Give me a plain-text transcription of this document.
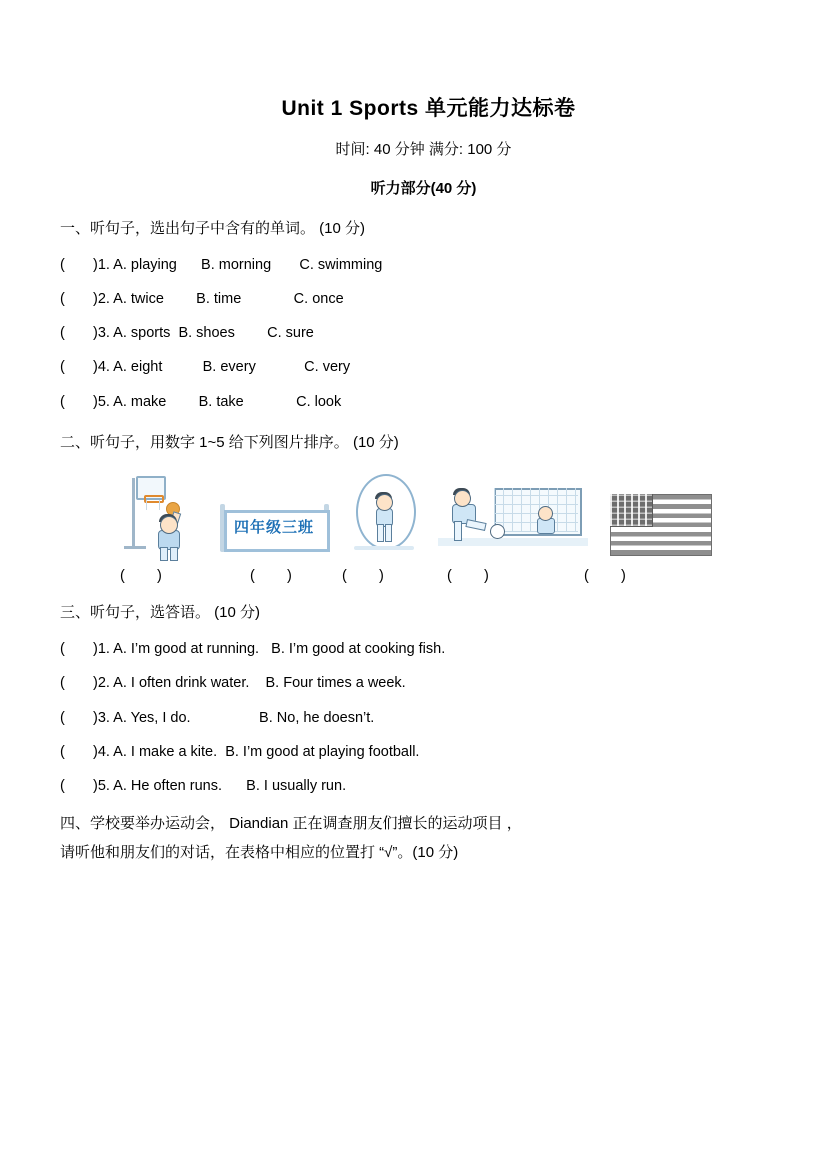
Unit 1 Sports 单元能力达标卷
时间: 40 分钟 满分: 100 分
听力部分(40 分)
一、听句子，选出句子中含有的单词。 (10 分)
(       )1. A. playing      B. morning       C. swimming
(       )2. A. twice        B. time             C. once
(       )3. A. sports  B. shoes        C. sure
(       )4. A. eight          B. every            C. very
(       )5. A. make        B. take             C. look
二、听句子，用数字 1~5 给下列图片排序。 (10 分)
四年级三班
(        )	(        )	(        )	(        )	(        )
三、听句子，选答语。 (10 分)
(       )1. A. I’m good at running.   B. I’m good at cooking fish.
(       )2. A. I often drink water.    B. Four times a week.
(       )3. A. Yes, I do.                 B. No, he doesn’t.
(       )4. A. I make a kite.  B. I’m good at playing football.
(       )5. A. He often runs.      B. I usually run.
四、学校要举办运动会， Diandian 正在调查朋友们擅长的运动项目 ，
请听他和朋友们的对话，在表格中相应的位置打 “√”。(10 分)
